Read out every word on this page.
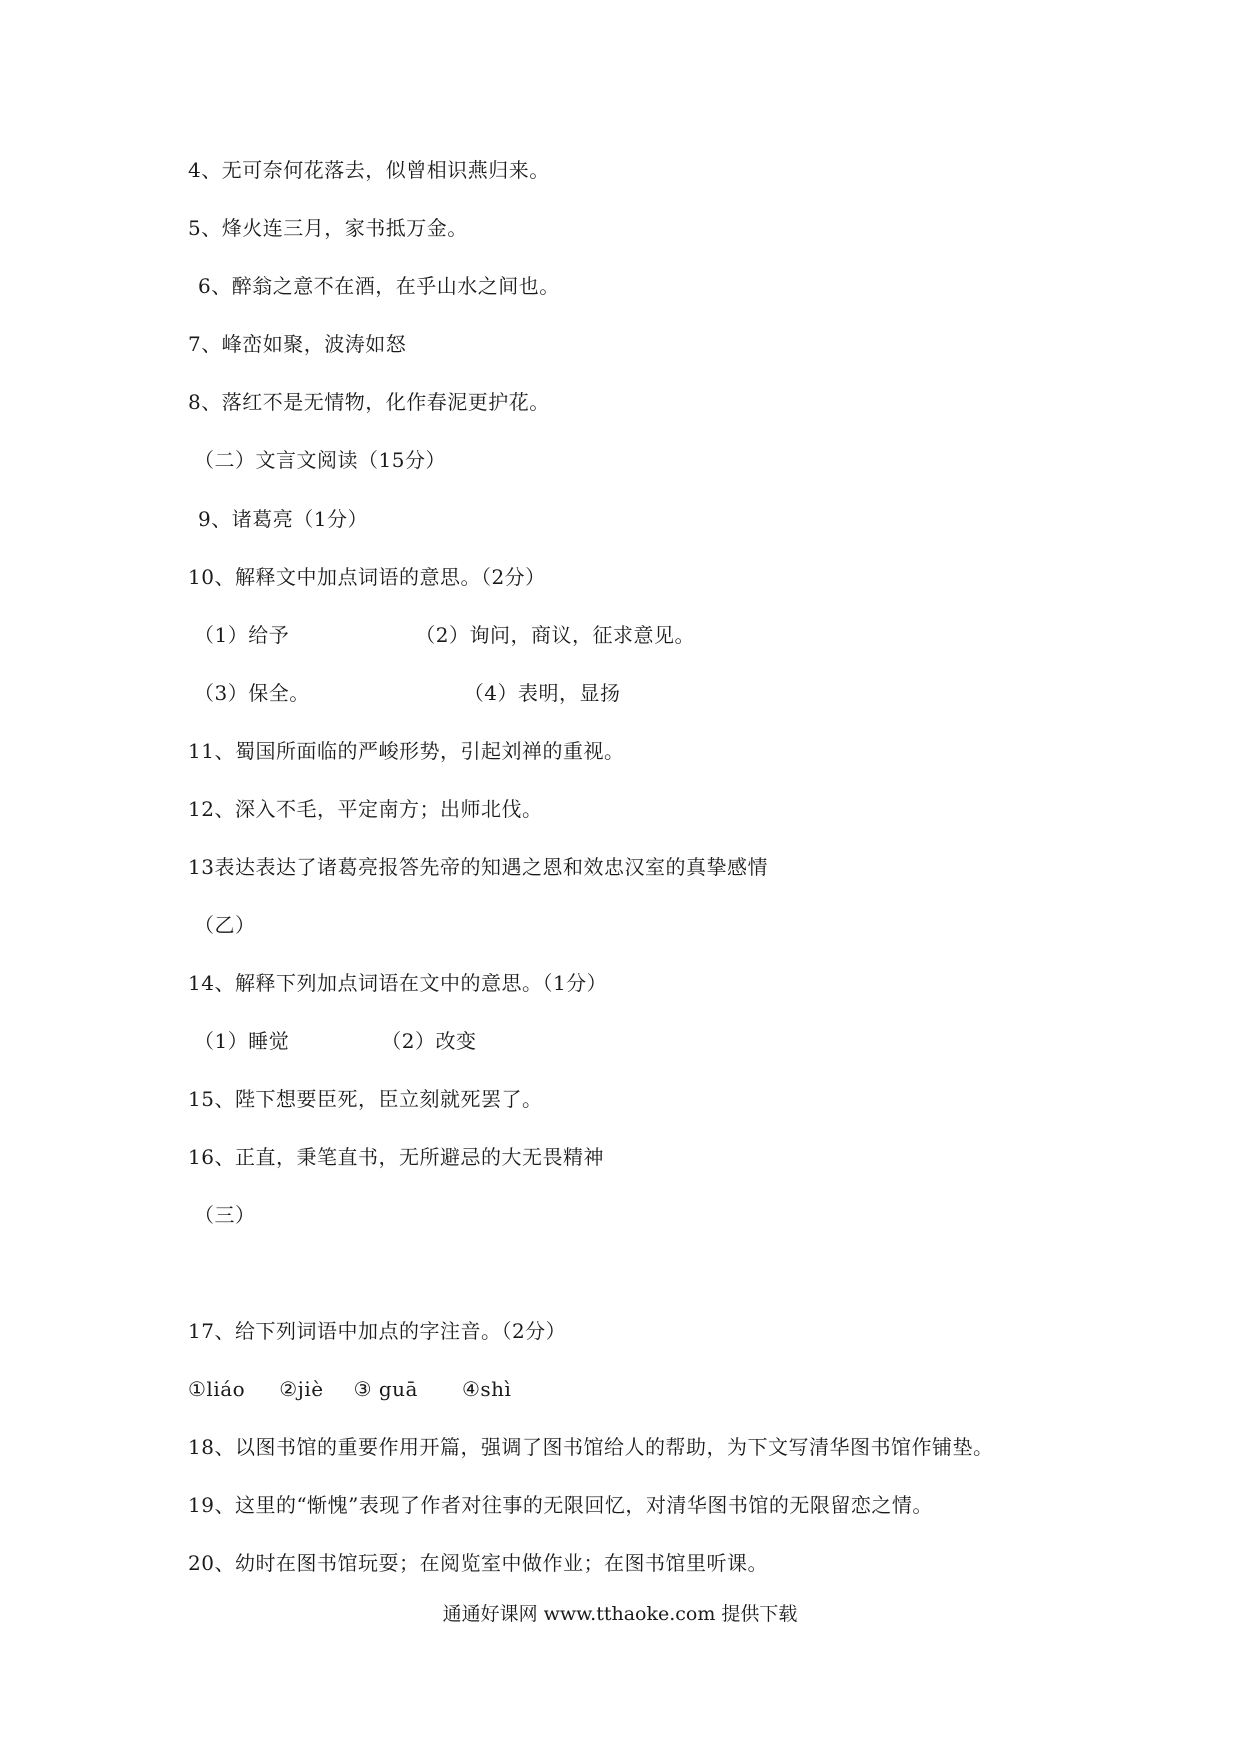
4、无可奈何花落去，似曾相识燕归来。
5、烽火连三月，家书抵万金。
6、醉翁之意不在酒，在乎山水之间也。
7、峰峦如聚，波涛如怒
8、落红不是无情物，化作春泥更护花。
（二）文言文阅读（15分）
9、诸葛亮（1分）
10、解释文中加点词语的意思。（2分）
（1）给予	（2）询问，商议，征求意见。
（3）保全。	（4）表明，显扬
11、蜀国所面临的严峻形势，引起刘禅的重视。
12、深入不毛，平定南方；出师北伐。
13表达表达了诸葛亮报答先帝的知遇之恩和效忠汉室的真挚感情
（乙）
14、解释下列加点词语在文中的意思。（1分）
（1）睡觉	（2）改变
15、陛下想要臣死，臣立刻就死罢了。
16、正直，秉笔直书，无所避忌的大无畏精神
（三）
17、给下列词语中加点的字注音。（2分）
①liáo ②jiè ③ guā ④shì
18、以图书馆的重要作用开篇，强调了图书馆给人的帮助，为下文写清华图书馆作铺垫。
19、这里的“惭愧”表现了作者对往事的无限回忆，对清华图书馆的无限留恋之情。
20、幼时在图书馆玩耍；在阅览室中做作业；在图书馆里听课。
通通好课网 www.tthaoke.com 提供下载
